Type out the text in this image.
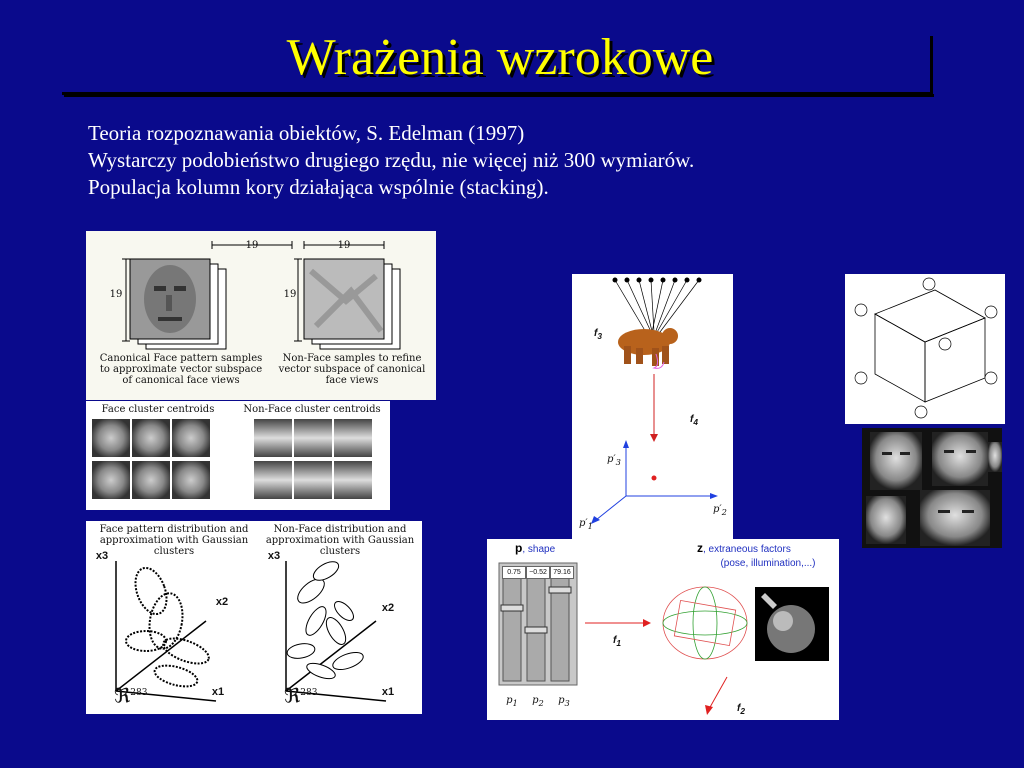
Wrażenia wzrokowe
Teoria rozpoznawania obiektów, S. Edelman (1997)
Wystarczy podobieństwo drugiego rzędu, nie więcej niż 300 wymiarów.
Populacja kolumn kory działająca wspólnie (stacking).
19
19
19
19
Canonical Face pattern samples to approximate vector subspace of canonical face views
Non-Face samples to refine vector subspace of canonical face views
Face cluster centroids	Non-Face cluster centroids
Face pattern distribution and approximation with Gaussian clusters
Non-Face distribution and approximation with Gaussian clusters
x3
x2
x1
ℜ$^{283}$
x3
x2
x1
ℜ$^{283}$
$f_3$
$f_4$
$p'_3$
$p'_2$
$p'_1$
p, shape	z, extraneous factors
(pose, illumination,...)
0.75	−0.52 79.16
$p_1$	$p_2$	$p_3$
$f_1$
$f_2$
